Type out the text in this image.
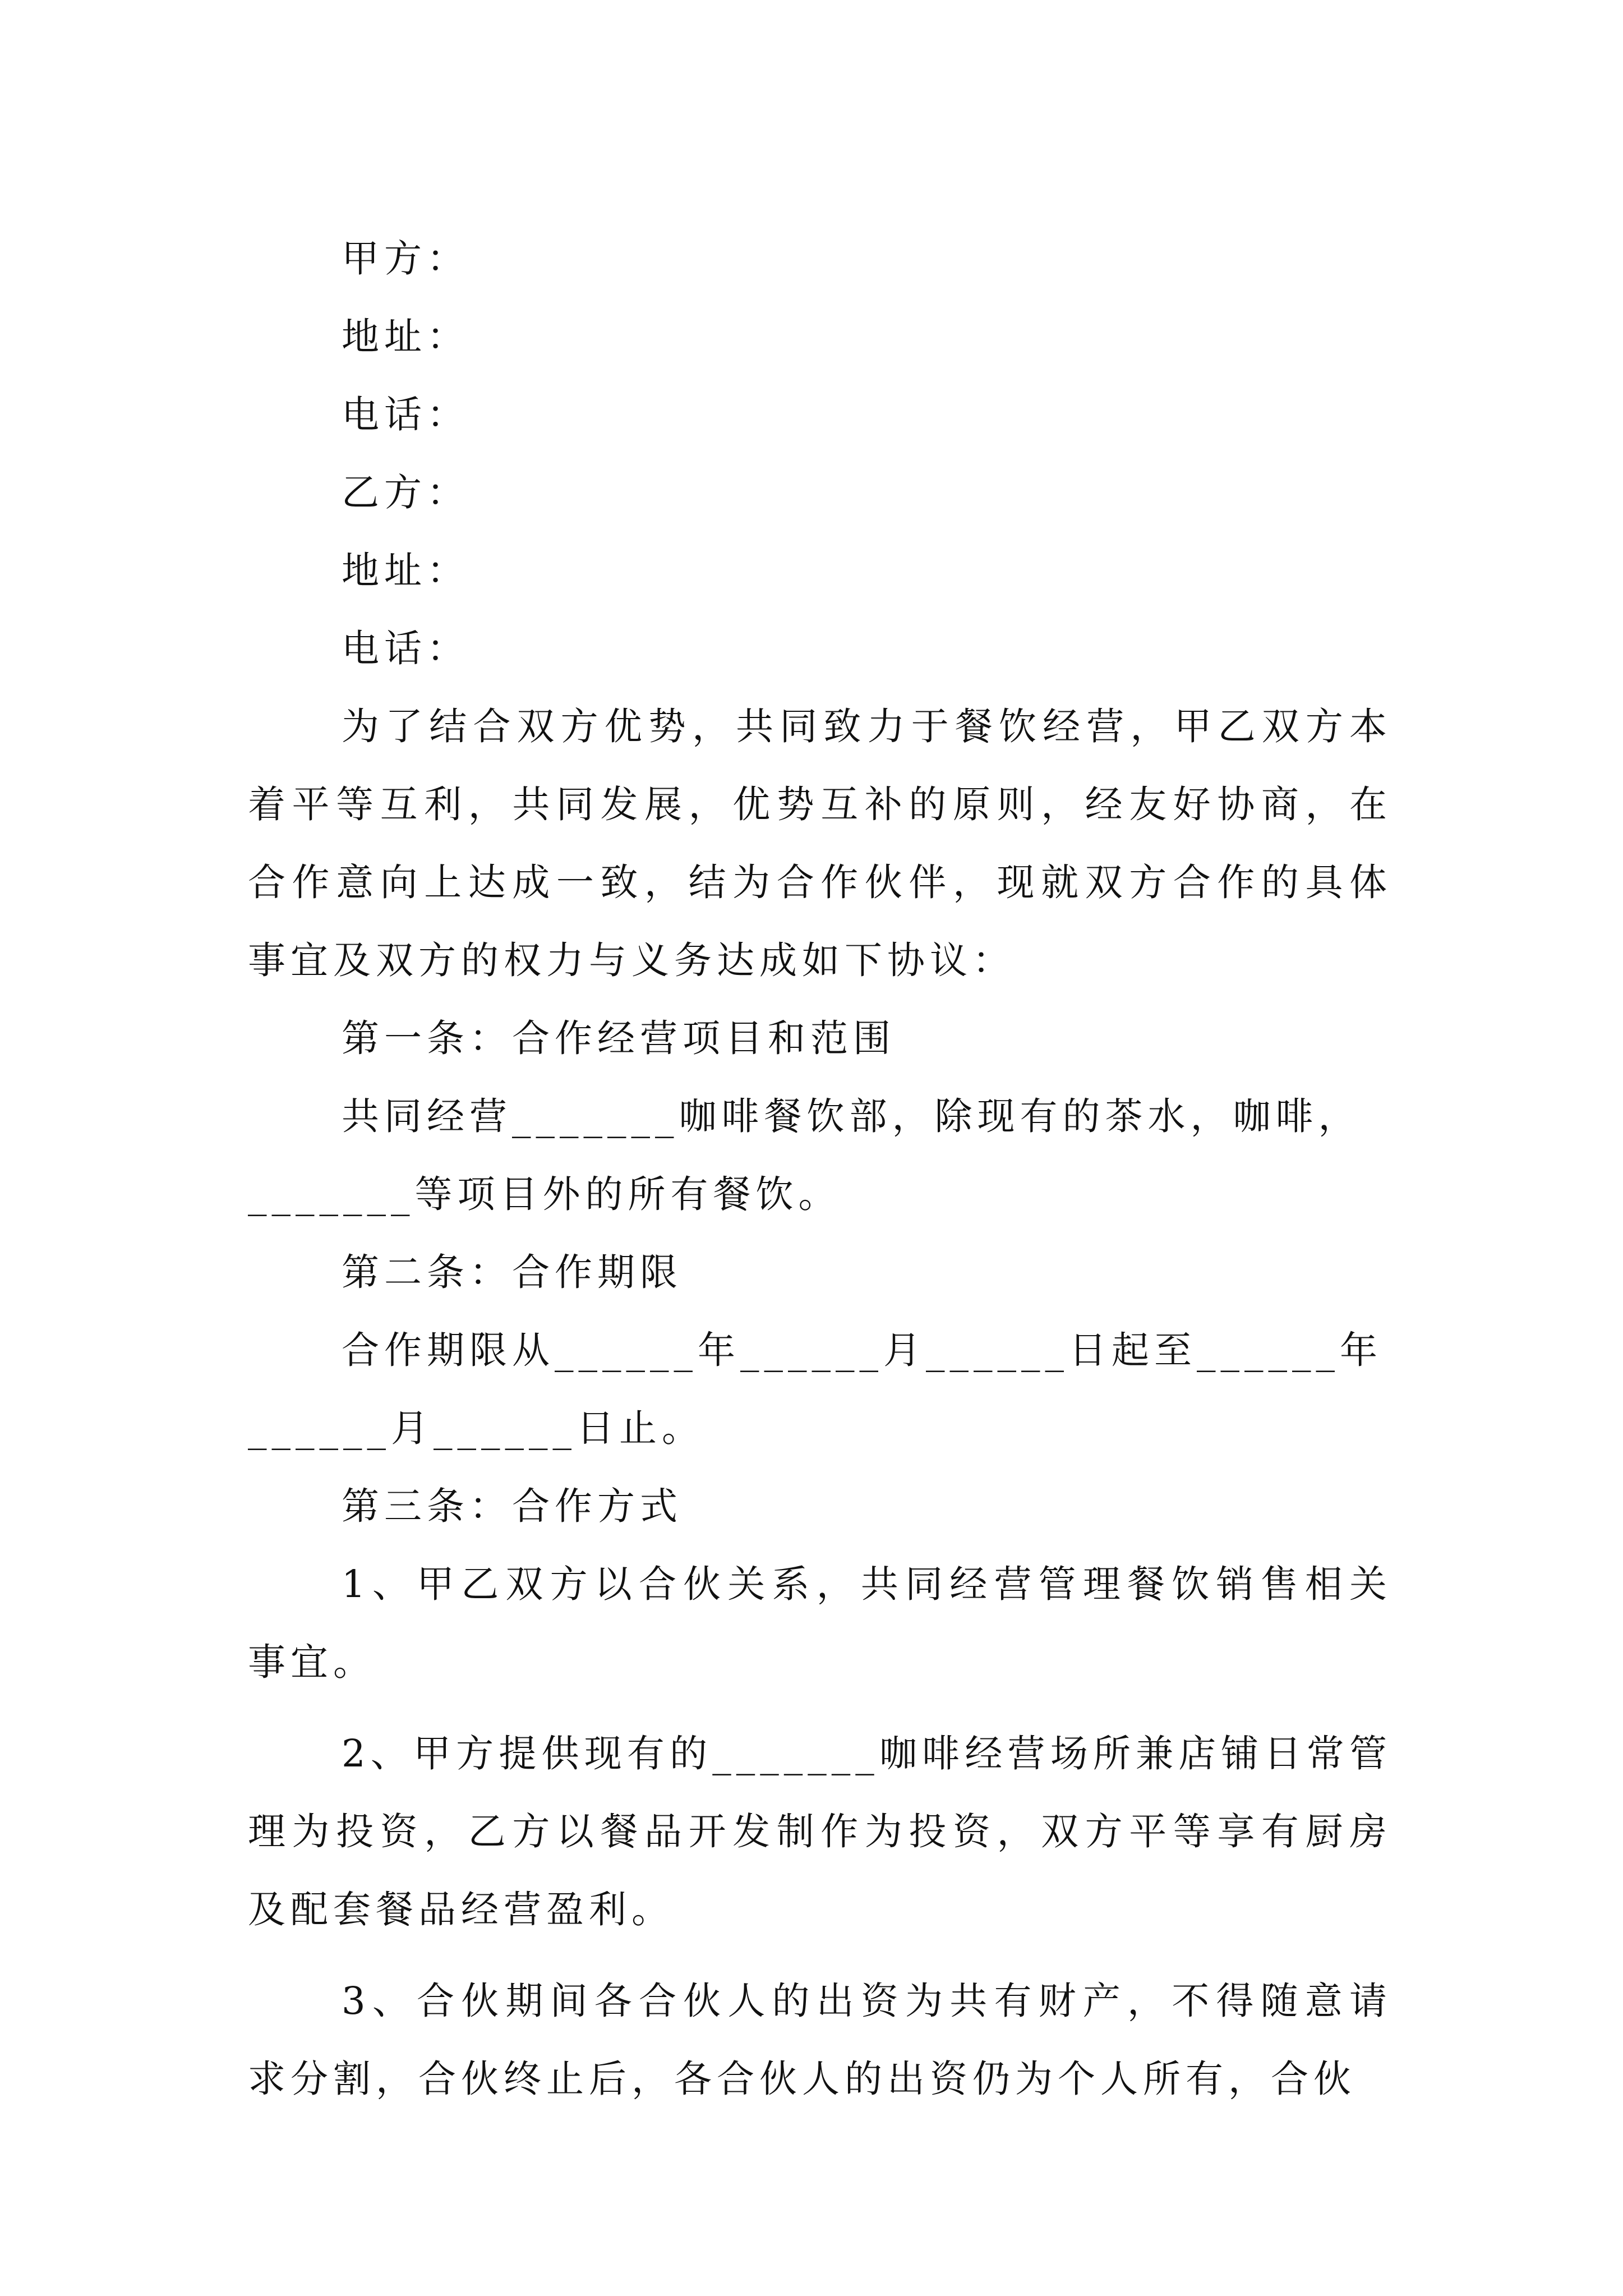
甲方：
地址：
电话：
乙方：
地址：
电话：

为了结合双方优势，共同致力于餐饮经营，甲乙双方本着平等互利，共同发展，优势互补的原则，经友好协商，在合作意向上达成一致，结为合作伙伴，现就双方合作的具体事宜及双方的权力与义务达成如下协议：

第一条：合作经营项目和范围
共同经营_______咖啡餐饮部，除现有的茶水，咖啡，
_______等项目外的所有餐饮。
第二条：合作期限
合作期限从______年______月______日起至______年
______月______日止。
第三条：合作方式

1、甲乙双方以合伙关系，共同经营管理餐饮销售相关事宜。

2、甲方提供现有的_______咖啡经营场所兼店铺日常管理为投资，乙方以餐品开发制作为投资，双方平等享有厨房及配套餐品经营盈利。

3、合伙期间各合伙人的出资为共有财产，不得随意请求分割，合伙终止后，各合伙人的出资仍为个人所有，合伙
